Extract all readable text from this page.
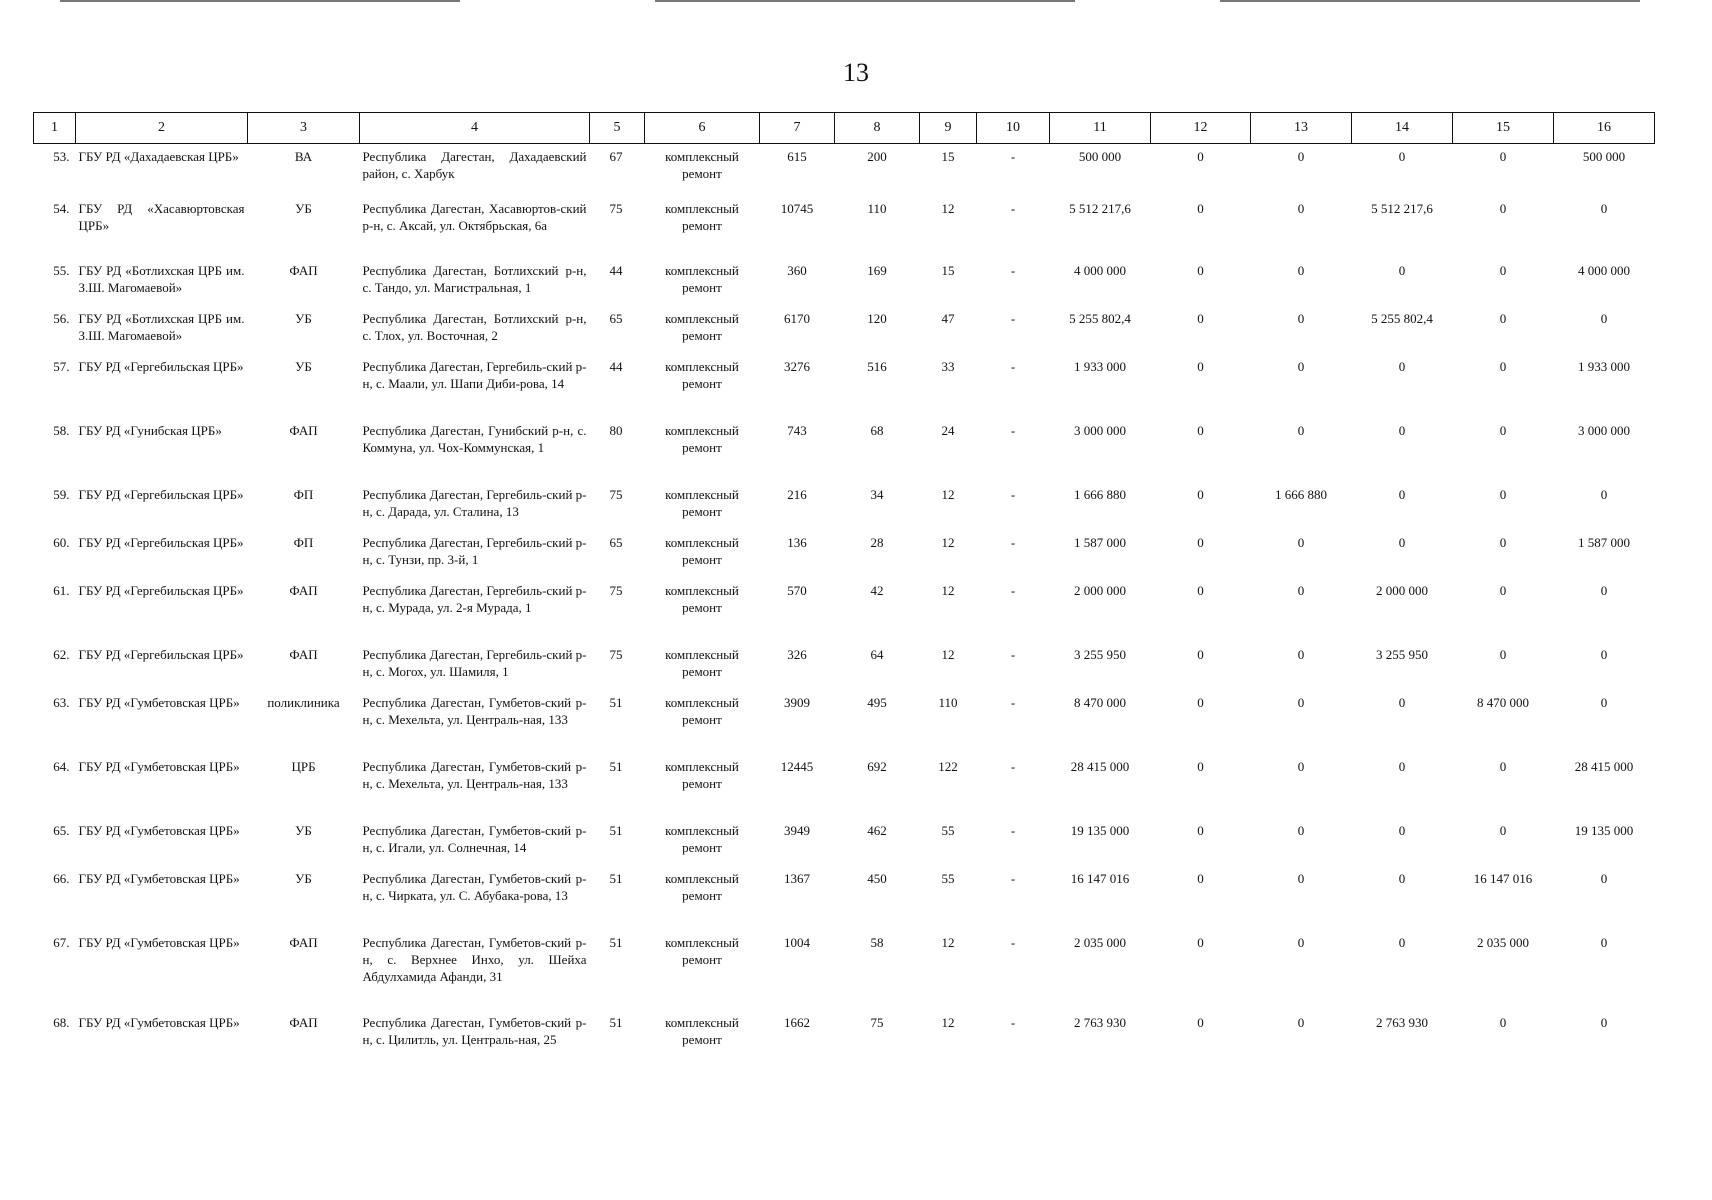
13
1	2	3	4	5	6	7	8	9	10	11	12	13	14	15	16
53.	ГБУ РД «Дахадаевская ЦРБ»	ВА	Республика Дагестан, Дахадаевский район, с. Харбук	67	комплексный ремонт	615	200	15	-	500 000	0	0	0	0	500 000
54.	ГБУ РД «Хасавюртовская ЦРБ»	УБ	Республика Дагестан, Хасавюртов-ский р-н, с. Аксай, ул. Октябрьская, 6а	75	комплексный ремонт	10745	110	12	-	5 512 217,6	0	0	5 512 217,6	0	0
55.	ГБУ РД «Ботлихская ЦРБ им. З.Ш. Магомаевой»	ФАП	Республика Дагестан, Ботлихский р-н, с. Тандо, ул. Магистральная, 1	44	комплексный ремонт	360	169	15	-	4 000 000	0	0	0	0	4 000 000
56.	ГБУ РД «Ботлихская ЦРБ им. З.Ш. Магомаевой»	УБ	Республика Дагестан, Ботлихский р-н, с. Тлох, ул. Восточная, 2	65	комплексный ремонт	6170	120	47	-	5 255 802,4	0	0	5 255 802,4	0	0
57.	ГБУ РД «Гергебильская ЦРБ»	УБ	Республика Дагестан, Гергебиль-ский р-н, с. Маали, ул. Шапи Диби-рова, 14	44	комплексный ремонт	3276	516	33	-	1 933 000	0	0	0	0	1 933 000
58.	ГБУ РД «Гунибская ЦРБ»	ФАП	Республика Дагестан, Гунибский р-н, с. Коммуна, ул. Чох-Коммунская, 1	80	комплексный ремонт	743	68	24	-	3 000 000	0	0	0	0	3 000 000
59.	ГБУ РД «Гергебильская ЦРБ»	ФП	Республика Дагестан, Гергебиль-ский р-н, с. Дарада, ул. Сталина, 13	75	комплексный ремонт	216	34	12	-	1 666 880	0	1 666 880	0	0	0
60.	ГБУ РД «Гергебильская ЦРБ»	ФП	Республика Дагестан, Гергебиль-ский р-н, с. Тунзи, пр. 3-й, 1	65	комплексный ремонт	136	28	12	-	1 587 000	0	0	0	0	1 587 000
61.	ГБУ РД «Гергебильская ЦРБ»	ФАП	Республика Дагестан, Гергебиль-ский р-н, с. Мурада, ул. 2-я Мурада, 1	75	комплексный ремонт	570	42	12	-	2 000 000	0	0	2 000 000	0	0
62.	ГБУ РД «Гергебильская ЦРБ»	ФАП	Республика Дагестан, Гергебиль-ский р-н, с. Могох, ул. Шамиля, 1	75	комплексный ремонт	326	64	12	-	3 255 950	0	0	3 255 950	0	0
63.	ГБУ РД «Гумбетовская ЦРБ»	поликлиника	Республика Дагестан, Гумбетов-ский р-н, с. Мехельта, ул. Централь-ная, 133	51	комплексный ремонт	3909	495	110	-	8 470 000	0	0	0	8 470 000	0
64.	ГБУ РД «Гумбетовская ЦРБ»	ЦРБ	Республика Дагестан, Гумбетов-ский р-н, с. Мехельта, ул. Централь-ная, 133	51	комплексный ремонт	12445	692	122	-	28 415 000	0	0	0	0	28 415 000
65.	ГБУ РД «Гумбетовская ЦРБ»	УБ	Республика Дагестан, Гумбетов-ский р-н, с. Игали, ул. Солнечная, 14	51	комплексный ремонт	3949	462	55	-	19 135 000	0	0	0	0	19 135 000
66.	ГБУ РД «Гумбетовская ЦРБ»	УБ	Республика Дагестан, Гумбетов-ский р-н, с. Чирката, ул. С. Абубака-рова, 13	51	комплексный ремонт	1367	450	55	-	16 147 016	0	0	0	16 147 016	0
67.	ГБУ РД «Гумбетовская ЦРБ»	ФАП	Республика Дагестан, Гумбетов-ский р-н, с. Верхнее Инхо, ул. Шейха Абдулхамида Афанди, 31	51	комплексный ремонт	1004	58	12	-	2 035 000	0	0	0	2 035 000	0
68.	ГБУ РД «Гумбетовская ЦРБ»	ФАП	Республика Дагестан, Гумбетов-ский р-н, с. Цилитль, ул. Централь-ная, 25	51	комплексный ремонт	1662	75	12	-	2 763 930	0	0	2 763 930	0	0
